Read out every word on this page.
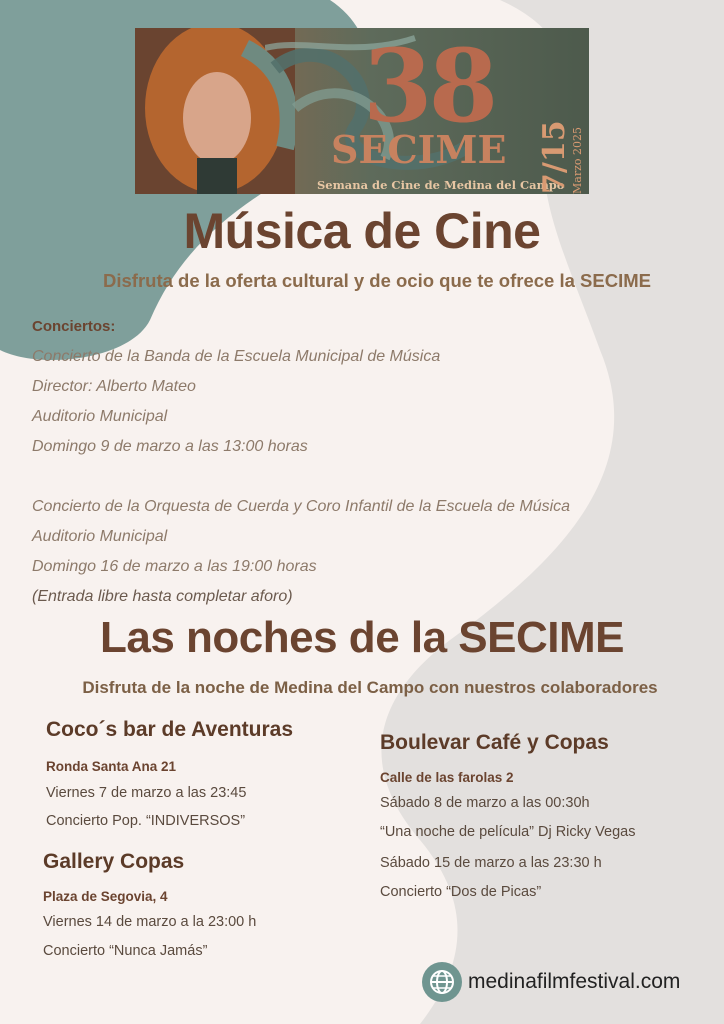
38
SECIME
Semana de Cine de Medina del Campo
7/15 Marzo 2025
Música de Cine
Disfruta de la oferta cultural y de ocio que te ofrece la SECIME
Conciertos:
Concierto de la Banda de la Escuela Municipal de Música
Director: Alberto Mateo
Auditorio Municipal
Domingo 9 de marzo a las 13:00 horas
Concierto de la Orquesta de Cuerda y Coro Infantil de la Escuela de Música
Auditorio Municipal
Domingo 16 de marzo a las 19:00 horas
(Entrada libre hasta completar aforo)
Las noches de la SECIME
Disfruta de la noche de Medina del Campo con nuestros colaboradores
Coco´s bar de Aventuras
Ronda Santa Ana 21
Viernes 7 de marzo a las 23:45
Concierto Pop. “INDIVERSOS”
Gallery Copas
Plaza de Segovia, 4
Viernes 14 de marzo a la 23:00 h
Concierto “Nunca Jamás”
Boulevar Café y Copas
Calle de las farolas 2
Sábado 8 de marzo a las 00:30h
“Una noche de película” Dj Ricky Vegas
Sábado 15 de marzo a las 23:30 h
Concierto “Dos de Picas”
medinafilmfestival.com
